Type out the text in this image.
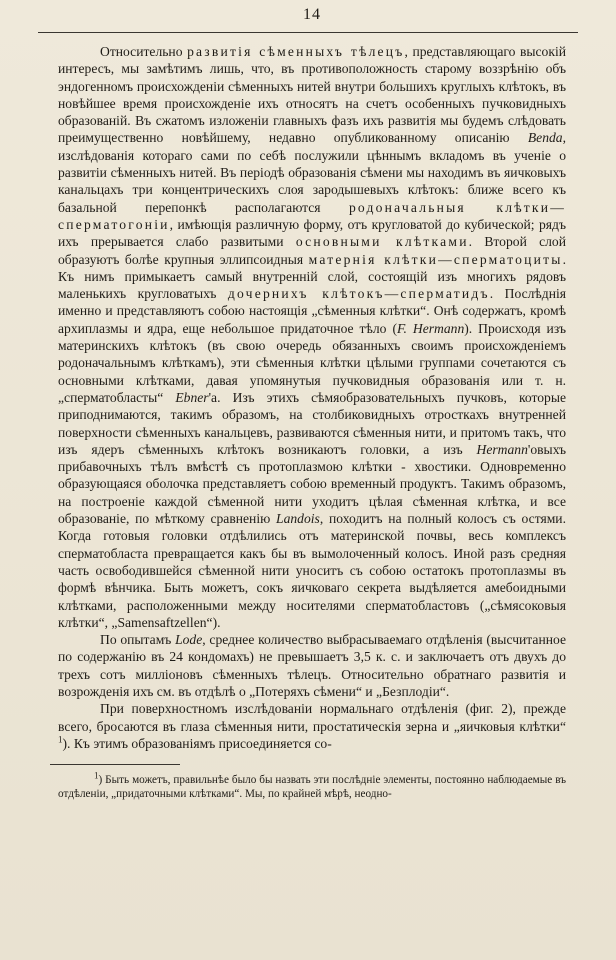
14

Относительно развитія сѣменныхъ тѣлецъ, представляющаго высокій интересъ, мы замѣтимъ лишь, что, въ противоположность старому воззрѣнію объ эндогенномъ происхожденіи сѣменныхъ нитей внутри большихъ круглыхъ клѣтокъ, въ новѣйшее время происхожденіе ихъ относятъ на счетъ особенныхъ пучковидныхъ образованій. Въ сжатомъ изложеніи главныхъ фазъ ихъ развитія мы будемъ слѣдовать преимущественно новѣйшему, недавно опубликованному описанію Benda, изслѣдованія котораго сами по себѣ послужили цѣннымъ вкладомъ въ ученіе о развитіи сѣменныхъ нитей. Въ періодѣ образованія сѣмени мы находимъ въ яичковыхъ канальцахъ три концентрическихъ слоя зародышевыхъ клѣтокъ: ближе всего къ базальной перепонкѣ располагаются родоначальныя клѣтки—сперматогоніи, имѣющія различную форму, отъ кругловатой до кубической; рядъ ихъ прерывается слабо развитыми основными клѣтками. Второй слой образуютъ болѣе крупныя эллипсоидныя матернія клѣтки—сперматоциты. Къ нимъ примыкаетъ самый внутренній слой, состоящій изъ многихъ рядовъ маленькихъ кругловатыхъ дочернихъ клѣтокъ—сперматидъ. Послѣднія именно и представляютъ собою настоящія „сѣменныя клѣтки“. Онѣ содержатъ, кромѣ архиплазмы и ядра, еще небольшое придаточное тѣло (F. Hermann). Происходя изъ материнскихъ клѣтокъ (въ свою очередь обязанныхъ своимъ происхожденіемъ родоначальнымъ клѣткамъ), эти сѣменныя клѣтки цѣлыми группами сочетаются съ основными клѣтками, давая упомянутыя пучковидныя образованія или т. н. „сперматобласты“ Ebner'а. Изъ этихъ сѣмяобразовательныхъ пучковъ, которые приподнимаются, такимъ образомъ, на столбиковидныхъ отросткахъ внутренней поверхности сѣменныхъ канальцевъ, развиваются сѣменныя нити, и притомъ такъ, что изъ ядеръ сѣменныхъ клѣтокъ возникаютъ головки, а изъ Hermann'овыхъ прибавочныхъ тѣлъ вмѣстѣ съ протоплазмою клѣтки - хвостики. Одновременно образующаяся оболочка представляетъ собою временный продуктъ. Такимъ образомъ, на построеніе каждой сѣменной нити уходитъ цѣлая сѣменная клѣтка, и все образованіе, по мѣткому сравненію Landois, походитъ на полный колосъ съ остями. Когда готовыя головки отдѣлились отъ материнской почвы, весь комплексъ сперматобласта превращается какъ бы въ вымолоченный колосъ. Иной разъ средняя часть освободившейся сѣменной нити уноситъ съ собою остатокъ протоплазмы въ формѣ вѣнчика. Быть можетъ, сокъ яичковаго секрета выдѣляется амебоидными клѣтками, расположенными между носителями сперматобластовъ („сѣмясоковыя клѣтки“, „Samensaftzellen“).

По опытамъ Lode, среднее количество выбрасываемаго отдѣленія (высчитанное по содержанію въ 24 кондомахъ) не превышаетъ 3,5 к. с. и заключаетъ отъ двухъ до трехъ сотъ милліоновъ сѣменныхъ тѣлецъ. Относительно обратнаго развитія и возрожденія ихъ см. въ отдѣлѣ о „Потеряхъ сѣмени“ и „Безплодіи“.

При поверхностномъ изслѣдованіи нормальнаго отдѣленія (фиг. 2), прежде всего, бросаются въ глаза сѣменныя нити, простатическія зерна и „яичковыя клѣтки“ $^1$). Къ этимъ образованіямъ присоединяется со-

$^1$) Быть можетъ, правильнѣе было бы назвать эти послѣдніе элементы, постоянно наблюдаемые въ отдѣленіи, „придаточными клѣтками“. Мы, по крайней мѣрѣ, неодно-
